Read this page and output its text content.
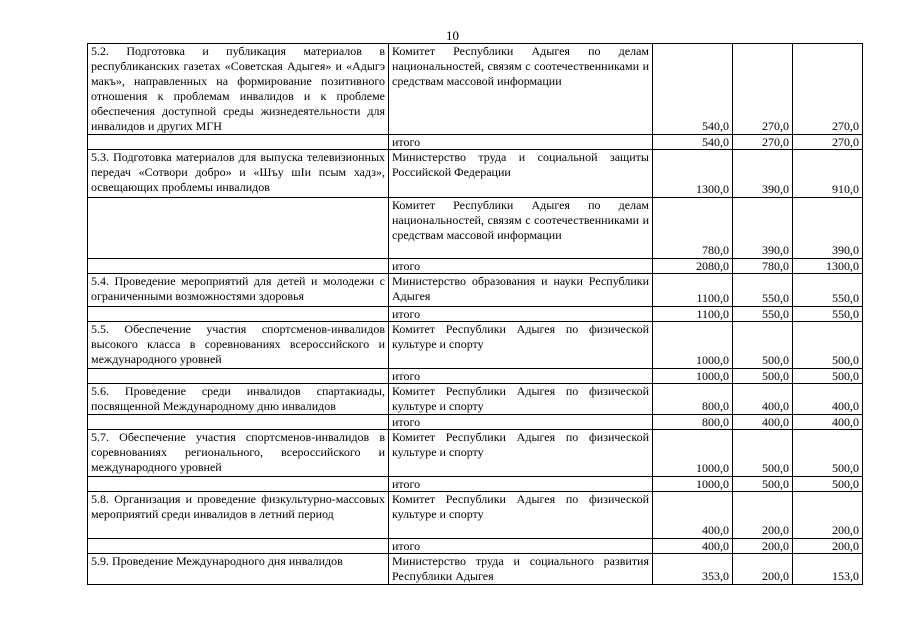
10
5.2. Подготовка и публикация материалов в республиканских газетах «Советская Адыгея» и «Адыгэ макъ», направленных на формирование позитивного отношения к проблемам инвалидов и к проблеме обеспечения доступной среды жизнедеятельности для инвалидов и других МГН	Комитет Республики Адыгея по делам национальностей, связям с соотечественниками и средствам массовой информации	540,0	270,0	270,0
	итого	540,0	270,0	270,0
5.3. Подготовка материалов для выпуска телевизионных передач «Сотвори добро» и «Шъу шIи псым хадз», освещающих проблемы инвалидов	Министерство труда и социальной защиты Российской Федерации	1300,0	390,0	910,0
	Комитет Республики Адыгея по делам национальностей, связям с соотечественниками и средствам массовой информации	780,0	390,0	390,0
	итого	2080,0	780,0	1300,0
5.4. Проведение мероприятий для детей и молодежи с ограниченными возможностями здоровья	Министерство образования и науки Республики Адыгея	1100,0	550,0	550,0
	итого	1100,0	550,0	550,0
5.5. Обеспечение участия спортсменов-инвалидов высокого класса в соревнованиях всероссийского и международного уровней	Комитет Республики Адыгея по физической культуре и спорту	1000,0	500,0	500,0
	итого	1000,0	500,0	500,0
5.6. Проведение среди инвалидов спартакиады, посвященной Международному дню инвалидов	Комитет Республики Адыгея по физической культуре и спорту	800,0	400,0	400,0
	итого	800,0	400,0	400,0
5.7. Обеспечение участия спортсменов-инвалидов в соревнованиях регионального, всероссийского и международного уровней	Комитет Республики Адыгея по физической культуре и спорту	1000,0	500,0	500,0
	итого	1000,0	500,0	500,0
5.8. Организация и проведение физкультурно-массовых мероприятий среди инвалидов в летний период	Комитет Республики Адыгея по физической культуре и спорту	400,0	200,0	200,0
	итого	400,0	200,0	200,0
5.9. Проведение Международного дня инвалидов	Министерство труда и социального развития Республики Адыгея	353,0	200,0	153,0
